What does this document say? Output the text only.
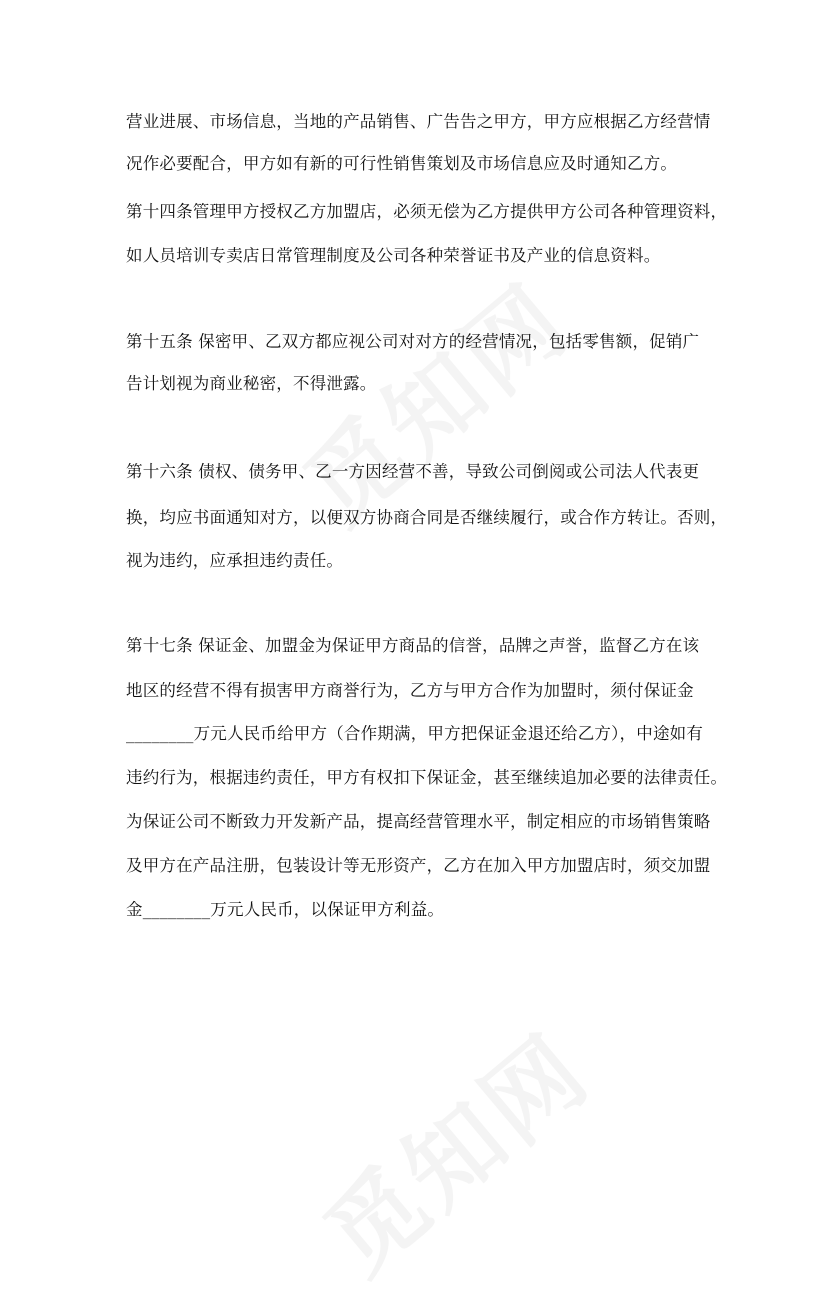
营业进展、市场信息，当地的产品销售、广告告之甲方，甲方应根据乙方经营情
况作必要配合，甲方如有新的可行性销售策划及市场信息应及时通知乙方。
第十四条管理甲方授权乙方加盟店，必须无偿为乙方提供甲方公司各种管理资料，
如人员培训专卖店日常管理制度及公司各种荣誉证书及产业的信息资料。
第十五条 保密甲、乙双方都应视公司对对方的经营情况，包括零售额，促销广
告计划视为商业秘密，不得泄露。
第十六条 债权、债务甲、乙一方因经营不善，导致公司倒阅或公司法人代表更
换，均应书面通知对方，以便双方协商合同是否继续履行，或合作方转让。否则，
视为违约，应承担违约责任。
第十七条 保证金、加盟金为保证甲方商品的信誉，品牌之声誉，监督乙方在该
地区的经营不得有损害甲方商誉行为，乙方与甲方合作为加盟时，须付保证金
________万元人民币给甲方（合作期满，甲方把保证金退还给乙方），中途如有
违约行为，根据违约责任，甲方有权扣下保证金，甚至继续追加必要的法律责任。
为保证公司不断致力开发新产品，提高经营管理水平，制定相应的市场销售策略
及甲方在产品注册，包装设计等无形资产，乙方在加入甲方加盟店时，须交加盟
金________万元人民币，以保证甲方利益。
